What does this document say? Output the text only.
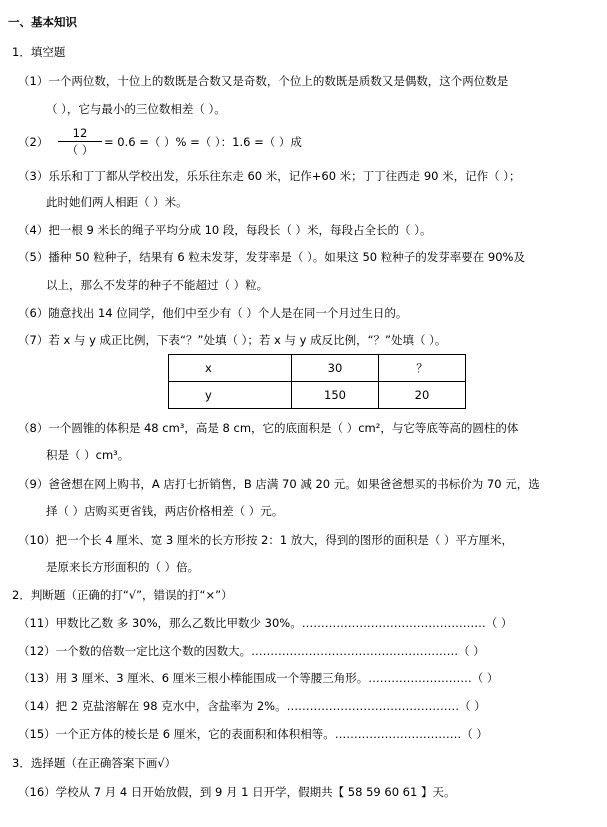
一、基本知识
1．填空题
（1）一个两位数，十位上的数既是合数又是奇数，个位上的数既是质数又是偶数，这个两位数是
（ ），它与最小的三位数相差（ ）。
（2）
12
（ ）
= 0.6 =（ ）% =（ ）：1.6 =（ ）成
（3）乐乐和丁丁都从学校出发，乐乐往东走 60 米，记作+60 米；丁丁往西走 90 米，记作（ ）；
此时她们两人相距（ ）米。
（4）把一根 9 米长的绳子平均分成 10 段，每段长（ ）米，每段占全长的（ ）。
（5）播种 50 粒种子，结果有 6 粒未发芽，发芽率是（ ）。如果这 50 粒种子的发芽率要在 90%及
以上，那么不发芽的种子不能超过（ ）粒。
（6）随意找出 14 位同学，他们中至少有（ ）个人是在同一个月过生日的。
（7）若 x 与 y 成正比例，下表“？”处填（ ）；若 x 与 y 成反比例，“？”处填（ ）。
x	30	？
y	150	20
（8）一个圆锥的体积是 48 cm³，高是 8 cm，它的底面积是（ ）cm²，与它等底等高的圆柱的体
积是（ ）cm³。
（9）爸爸想在网上购书，A 店打七折销售，B 店满 70 减 20 元。如果爸爸想买的书标价为 70 元，选
择（ ）店购买更省钱，两店价格相差（ ）元。
（10）把一个长 4 厘米、宽 3 厘米的长方形按 2：1 放大，得到的图形的面积是（ ）平方厘米，
是原来长方形面积的（ ）倍。
2．判断题（正确的打“√”，错误的打“×”）
（11）甲数比乙数 多 30%，那么乙数比甲数少 30%。…………………………………………（ ）
（12）一个数的倍数一定比这个数的因数大。………………………………………………（ ）
（13）用 3 厘米、3 厘米、6 厘米三根小棒能围成一个等腰三角形。………………………（ ）
（14）把 2 克盐溶解在 98 克水中，含盐率为 2%。………………………………………（ ）
（15）一个正方体的棱长是 6 厘米，它的表面积和体积相等。……………………………（ ）
3．选择题（在正确答案下画√）
（16）学校从 7 月 4 日开始放假，到 9 月 1 日开学，假期共【 58 59 60 61 】天。
